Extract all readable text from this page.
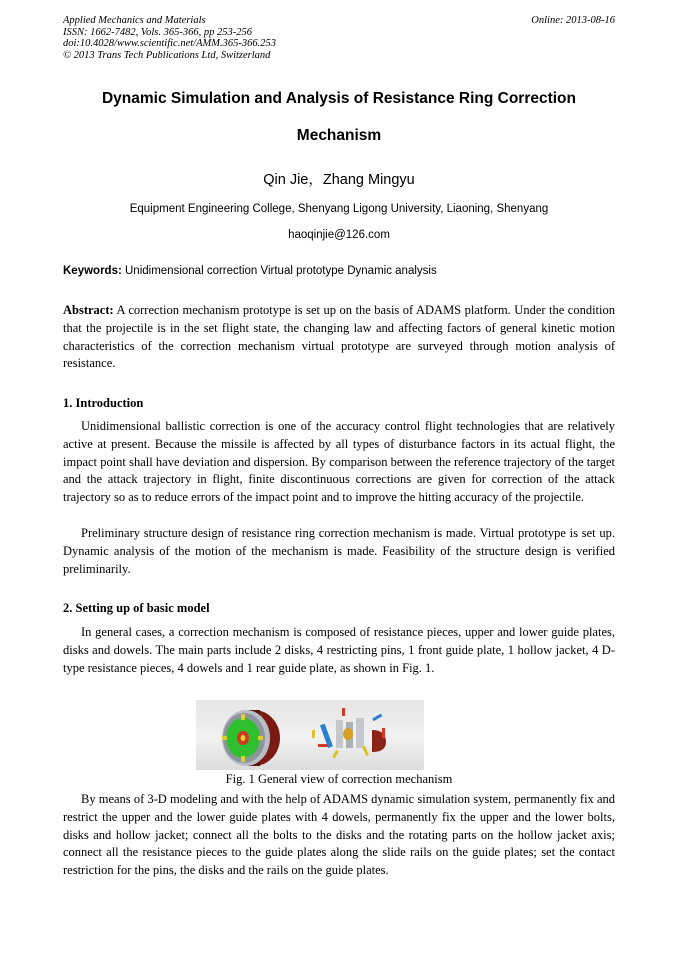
Applied Mechanics and Materials
ISSN: 1662-7482, Vols. 365-366, pp 253-256
doi:10.4028/www.scientific.net/AMM.365-366.253
© 2013 Trans Tech Publications Ltd, Switzerland
Online: 2013-08-16
Dynamic Simulation and Analysis of Resistance Ring Correction
Mechanism
Qin Jie，Zhang Mingyu
Equipment Engineering College, Shenyang Ligong University, Liaoning, Shenyang
haoqinjie@126.com
Keywords: Unidimensional correction Virtual prototype Dynamic analysis
Abstract: A correction mechanism prototype is set up on the basis of ADAMS platform. Under the condition that the projectile is in the set flight state, the changing law and affecting factors of general kinetic motion characteristics of the correction mechanism virtual prototype are surveyed through motion analysis of resistance.
1. Introduction
Unidimensional ballistic correction is one of the accuracy control flight technologies that are relatively active at present. Because the missile is affected by all types of disturbance factors in its actual flight, the impact point shall have deviation and dispersion. By comparison between the reference trajectory of the target and the attack trajectory in flight, finite discontinuous corrections are given for correction of the attack trajectory so as to reduce errors of the impact point and to improve the hitting accuracy of the projectile.
Preliminary structure design of resistance ring correction mechanism is made. Virtual prototype is set up. Dynamic analysis of the motion of the mechanism is made. Feasibility of the structure design is verified preliminarily.
2. Setting up of basic model
In general cases, a correction mechanism is composed of resistance pieces, upper and lower guide plates, disks and dowels. The main parts include 2 disks, 4 restricting pins, 1 front guide plate, 1 hollow jacket, 4 D-type resistance pieces, 4 dowels and 1 rear guide plate, as shown in Fig. 1.
Fig. 1 General view of correction mechanism
By means of 3-D modeling and with the help of ADAMS dynamic simulation system, permanently fix and restrict the upper and the lower guide plates with 4 dowels, permanently fix the upper and the lower bolts, disks and hollow jacket; connect all the bolts to the disks and the rotating parts on the hollow jacket axis; connect all the resistance pieces to the guide plates along the slide rails on the guide plates; set the contact restriction for the pins, the disks and the rails on the guide plates.
